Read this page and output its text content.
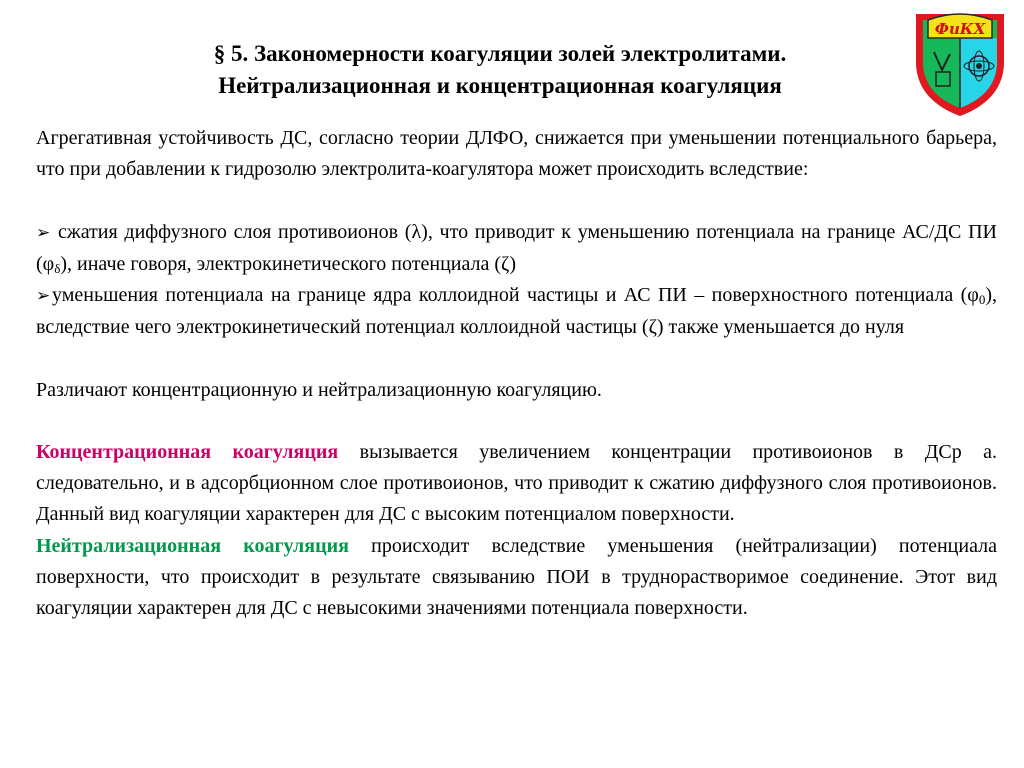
§ 5. Закономерности коагуляции золей электролитами.
Нейтрализационная и концентрационная коагуляция
ФиКХ

Агрегативная устойчивость ДС, согласно теории ДЛФО, снижается при уменьшении потенциального барьера, что при добавлении к гидрозолю электролита-коагулятора может происходить вследствие:

➢ сжатия диффузного слоя противоионов (λ), что приводит к уменьшению потенциала на границе АС/ДС ПИ $(\varphi_\delta)$, иначе говоря, электрокинетического потенциала (ζ)

➢уменьшения потенциала на границе ядра коллоидной частицы и АС ПИ – поверхностного потенциала $(\varphi_0)$, вследствие чего электрокинетический потенциал коллоидной частицы (ζ) также уменьшается до нуля

Различают концентрационную и нейтрализационную коагуляцию.

Концентрационная коагуляция вызывается увеличением концентрации противоионов в ДСр а. следовательно, и в адсорбционном слое противоионов, что приводит к сжатию диффузного слоя противоионов. Данный вид коагуляции характерен для ДС с высоким потенциалом поверхности.

Нейтрализационная коагуляция происходит вследствие уменьшения (нейтрализации) потенциала поверхности, что происходит в результате связыванию ПОИ в труднорастворимое соединение. Этот вид коагуляции характерен для ДС с невысокими значениями потенциала поверхности.
